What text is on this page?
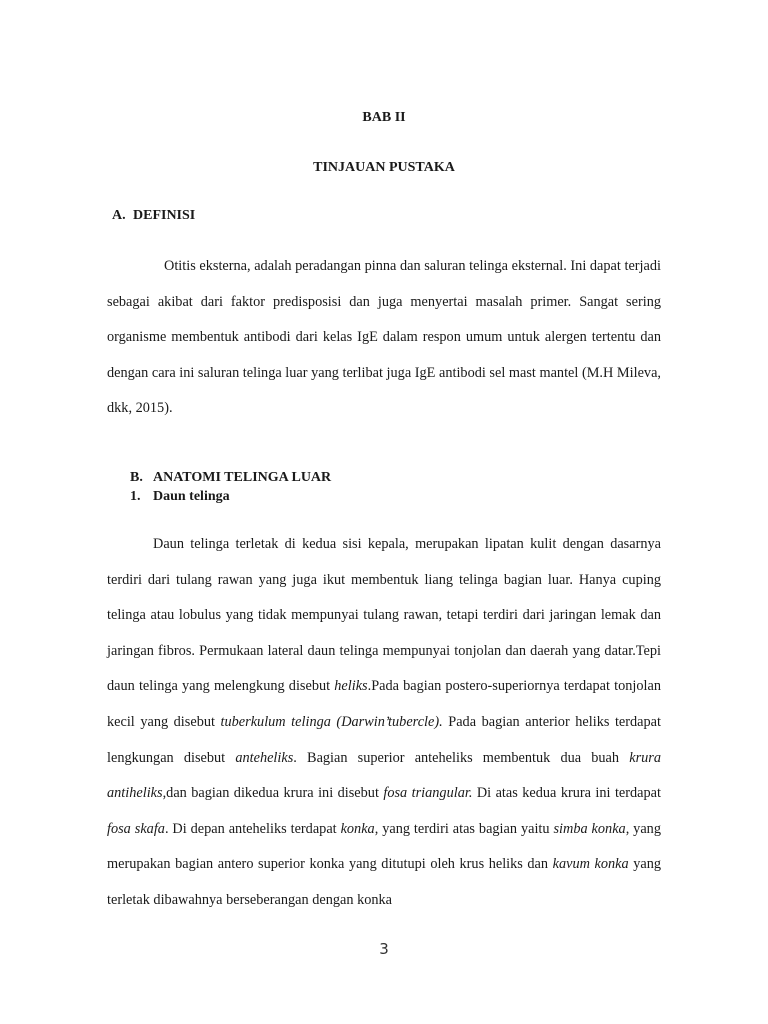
BAB II
TINJAUAN PUSTAKA
A. DEFINISI

Otitis eksterna, adalah peradangan pinna dan saluran telinga eksternal. Ini dapat terjadi sebagai akibat dari faktor predisposisi dan juga menyertai masalah primer. Sangat sering organisme membentuk antibodi dari kelas IgE dalam respon umum untuk alergen tertentu dan dengan cara ini saluran telinga luar yang terlibat juga IgE antibodi sel mast mantel (M.H Mileva, dkk, 2015).

B. ANATOMI TELINGA LUAR
1. Daun telinga

Daun telinga terletak di kedua sisi kepala, merupakan lipatan kulit dengan dasarnya terdiri dari tulang rawan yang juga ikut membentuk liang telinga bagian luar. Hanya cuping telinga atau lobulus yang tidak mempunyai tulang rawan, tetapi terdiri dari jaringan lemak dan jaringan fibros. Permukaan lateral daun telinga mempunyai tonjolan dan daerah yang datar.Tepi daun telinga yang melengkung disebut heliks.Pada bagian postero-superiornya terdapat tonjolan kecil yang disebut tuberkulum telinga (Darwin’tubercle). Pada bagian anterior heliks terdapat lengkungan disebut anteheliks. Bagian superior anteheliks membentuk dua buah krura antiheliks,dan bagian dikedua krura ini disebut fosa triangular. Di atas kedua krura ini terdapat fosa skafa. Di depan anteheliks terdapat konka, yang terdiri atas bagian yaitu simba konka, yang merupakan bagian antero superior konka yang ditutupi oleh krus heliks dan kavum konka yang terletak dibawahnya berseberangan dengan konka

3
